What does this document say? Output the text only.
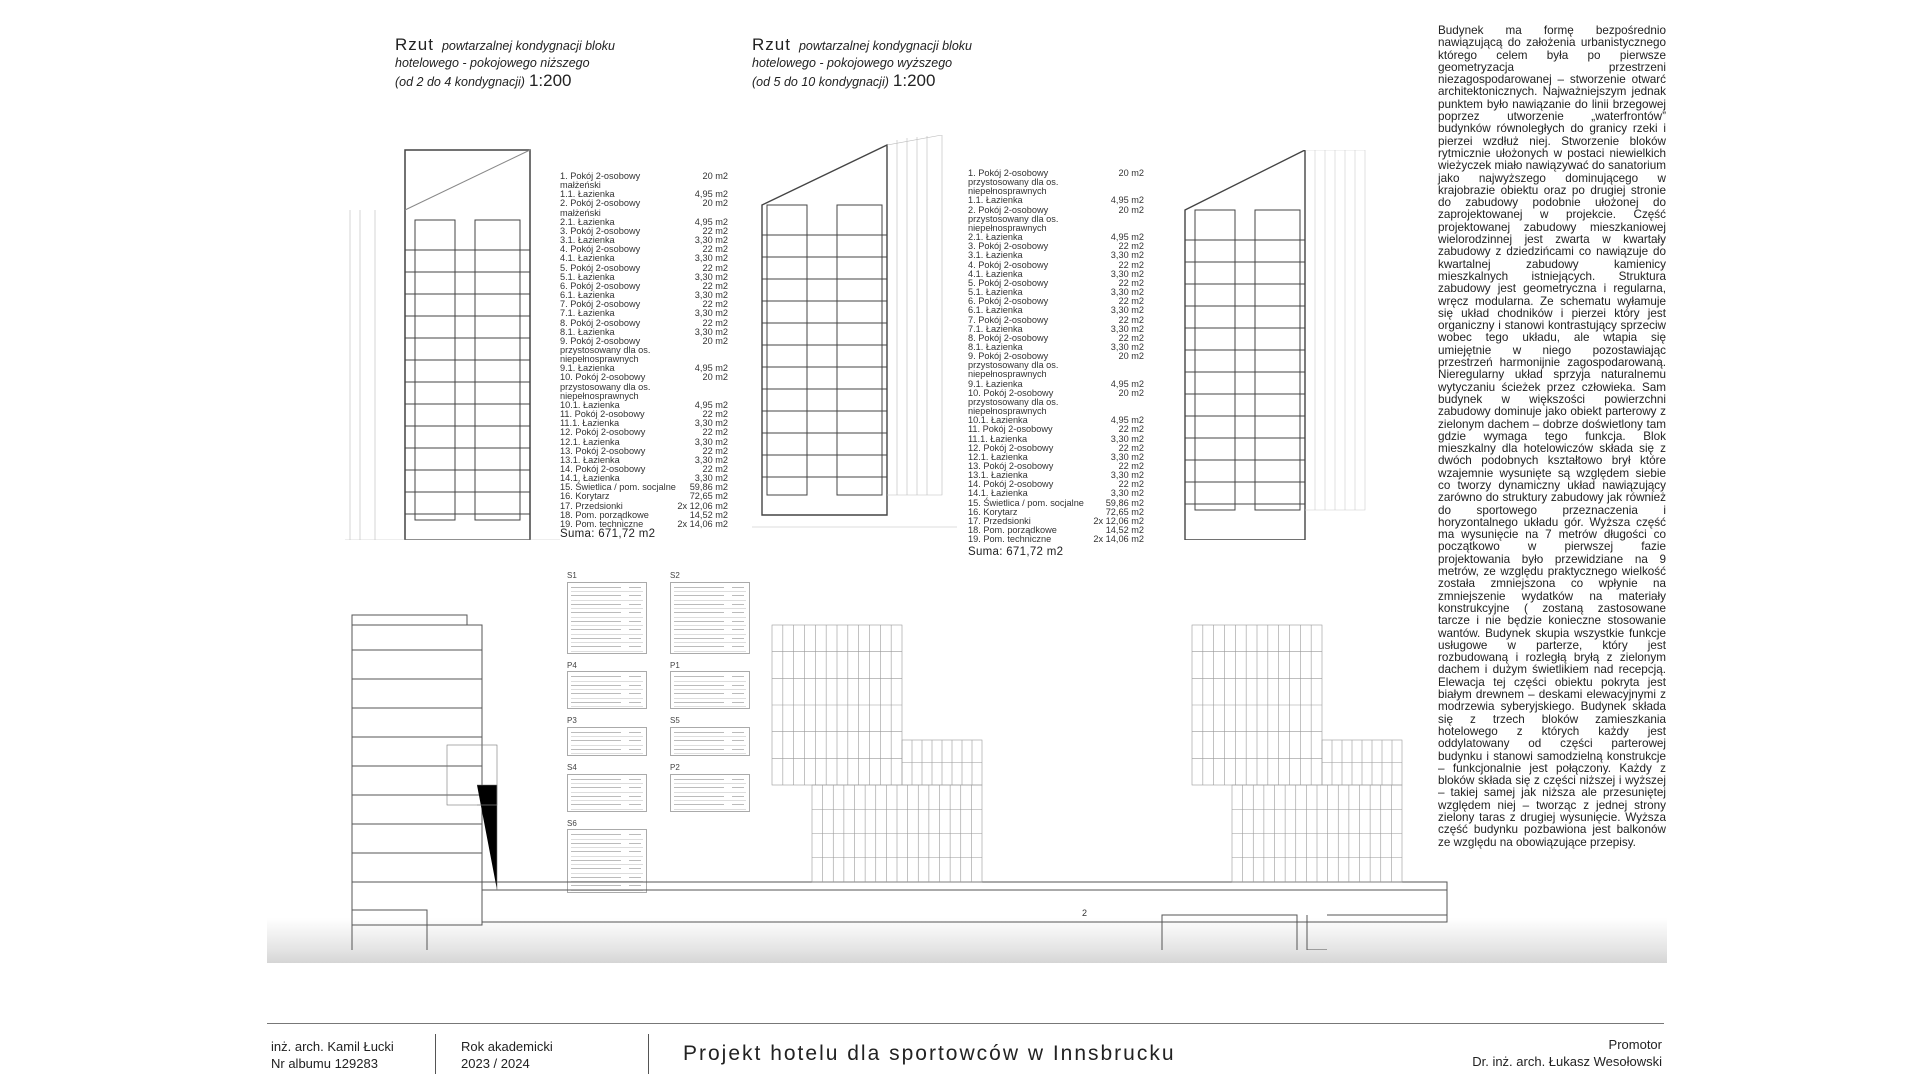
Rzut powtarzalnej kondygnacji bloku
hotelowego - pokojowego niższego
(od 2 do 4 kondygnacji) 1:200
Rzut powtarzalnej kondygnacji bloku
hotelowego - pokojowego wyższego
(od 5 do 10 kondygnacji) 1:200
1. Pokój 2-osobowy
małżeński
20 m2
1.1. Łazienka	4,95 m2
2. Pokój 2-osobowy
małżeński
20 m2
2.1. Łazienka	4,95 m2
3. Pokój 2-osobowy	22 m2
3.1. Łazienka	3,30 m2
4. Pokój 2-osobowy	22 m2
4.1. Łazienka	3,30 m2
5. Pokój 2-osobowy	22 m2
5.1. Łazienka	3,30 m2
6. Pokój 2-osobowy	22 m2
6.1. Łazienka	3,30 m2
7. Pokój 2-osobowy	22 m2
7.1. Łazienka	3,30 m2
8. Pokój 2-osobowy	22 m2
8.1. Łazienka	3,30 m2
9. Pokój 2-osobowy
przystosowany dla os.
niepełnosprawnych
20 m2
9.1. Łazienka	4,95 m2
10. Pokój 2-osobowy
przystosowany dla os.
niepełnosprawnych
20 m2
10.1. Łazienka	4,95 m2
11. Pokój 2-osobowy	22 m2
11.1. Łazienka	3,30 m2
12. Pokój 2-osobowy	22 m2
12.1. Łazienka	3,30 m2
13. Pokój 2-osobowy	22 m2
13.1. Łazienka	3,30 m2
14. Pokój 2-osobowy	22 m2
14.1. Łazienka	3,30 m2
15. Świetlica / pom. socjalne	59,86 m2
16. Korytarz	72,65 m2
17. Przedsionki	2x 12,06 m2
18. Pom. porządkowe	14,52 m2
19. Pom. techniczne	2x 14,06 m2
Suma: 671,72 m2
1. Pokój 2-osobowy
przystosowany dla os.
niepełnosprawnych
20 m2
1.1. Łazienka	4,95 m2
2. Pokój 2-osobowy
przystosowany dla os.
niepełnosprawnych
20 m2
2.1. Łazienka	4,95 m2
3. Pokój 2-osobowy	22 m2
3.1. Łazienka	3,30 m2
4. Pokój 2-osobowy	22 m2
4.1. Łazienka	3,30 m2
5. Pokój 2-osobowy	22 m2
5.1. Łazienka	3,30 m2
6. Pokój 2-osobowy	22 m2
6.1. Łazienka	3,30 m2
7. Pokój 2-osobowy	22 m2
7.1. Łazienka	3,30 m2
8. Pokój 2-osobowy	22 m2
8.1. Łazienka	3,30 m2
9. Pokój 2-osobowy
przystosowany dla os.
niepełnosprawnych
20 m2
9.1. Łazienka	4,95 m2
10. Pokój 2-osobowy
przystosowany dla os.
niepełnosprawnych
20 m2
10.1. Łazienka	4,95 m2
11. Pokój 2-osobowy	22 m2
11.1. Łazienka	3,30 m2
12. Pokój 2-osobowy	22 m2
12.1. Łazienka	3,30 m2
13. Pokój 2-osobowy	22 m2
13.1. Łazienka	3,30 m2
14. Pokój 2-osobowy	22 m2
14.1. Łazienka	3,30 m2
15. Świetlica / pom. socjalne	59,86 m2
16. Korytarz	72,65 m2
17. Przedsionki	2x 12,06 m2
18. Pom. porządkowe	14,52 m2
19. Pom. techniczne	2x 14,06 m2
Suma: 671,72 m2
S1
P4
P3
S4
S6
S2
P1
S5
P2
2

Budynek ma formę bezpośrednio nawiązującą do założenia urbanistycznego którego celem była po pierwsze geometryzacja przestrzeni niezagospodarowanej – stworzenie otwarć architektonicznych. Najważniejszym jednak punktem było nawiązanie do linii brzegowej poprzez utworzenie „waterfrontów” budynków równoległych do granicy rzeki i pierzei wzdłuż niej. Stworzenie bloków rytmicznie ułożonych w postaci niewielkich wieżyczek miało nawiązywać do sanatorium jako najwyższego dominującego w krajobrazie obiektu oraz po drugiej stronie do zabudowy podobnie ułożonej do zaprojektowanej w projekcie. Część projektowanej zabudowy mieszkaniowej wielorodzinnej jest zwarta w kwartały zabudowy z dziedzińcami co nawiązuje do kwartalnej zabudowy kamienicy mieszkalnych istniejących. Struktura zabudowy jest geometryczna i regularna, wręcz modularna. Ze schematu wyłamuje się układ chodników i pierzei który jest organiczny i stanowi kontrastujący sprzeciw wobec tego układu, ale wtapia się umiejętnie w niego pozostawiając przestrzeń harmonijnie zagospodarowaną. Nieregularny układ sprzyja naturalnemu wytyczaniu ścieżek przez człowieka. Sam budynek w większości powierzchni zabudowy dominuje jako obiekt parterowy z zielonym dachem – dobrze doświetlony tam gdzie wymaga tego funkcja. Blok mieszkalny dla hotelowiczów składa się z dwóch podobnych kształtowo brył które wzajemnie wysunięte są względem siebie co tworzy dynamiczny układ nawiązujący zarówno do struktury zabudowy jak również do sportowego przeznaczenia i horyzontalnego układu gór. Wyższa część ma wysunięcie na 7 metrów długości co początkowo w pierwszej fazie projektowania było przewidziane na 9 metrów, ze względu praktycznego wielkość została zmniejszona co wpłynie na zmniejszenie wydatków na materiały konstrukcyjne ( zostaną zastosowane tarcze i nie będzie konieczne stosowanie wantów. Budynek skupia wszystkie funkcje usługowe w parterze, który jest rozbudowaną i rozległą bryłą z zielonym dachem i dużym świetlikiem nad recepcją. Elewacja tej części obiektu pokryta jest białym drewnem – deskami elewacyjnymi z modrzewia syberyjskiego. Budynek składa się z trzech bloków zamieszkania hotelowego z których każdy jest oddylatowany od części parterowej budynku i stanowi samodzielną konstrukcje – funkcjonalnie jest połączony. Każdy z bloków składa się z części niższej i wyższej – takiej samej jak niższa ale przesuniętej względem niej – tworząc z jednej strony zielony taras z drugiej wysunięcie. Wyższa część budynku pozbawiona jest balkonów ze względu na obowiązujące przepisy.

inż. arch. Kamil Łucki
Nr albumu 129283
Rok akademicki
2023 / 2024	Projekt hotelu dla sportowców w Innsbrucku	Promotor
Dr. inż. arch. Łukasz Wesołowski
